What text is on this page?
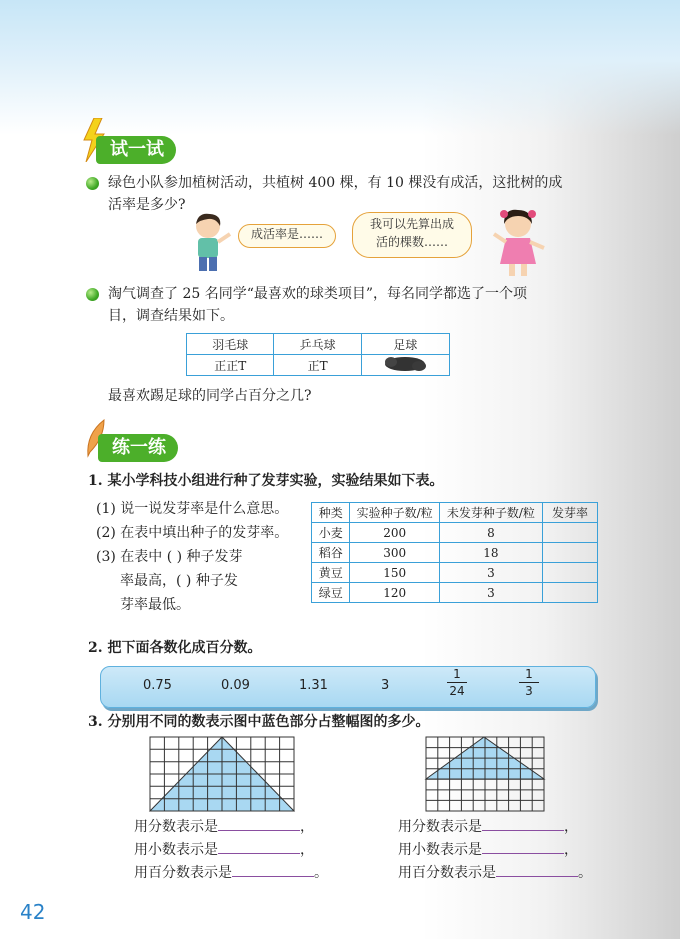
试一试
绿色小队参加植树活动，共植树 400 棵，有 10 棵没有成活，这批树的成
活率是多少?
成活率是……
我可以先算出成
活的棵数……
淘气调查了 25 名同学“最喜欢的球类项目”，每名同学都选了一个项
目，调查结果如下。
羽毛球	乒乓球	足球
正正T	正T	
最喜欢踢足球的同学占百分之几?
练一练
1. 某小学科技小组进行种了发芽实验，实验结果如下表。
(1) 说一说发芽率是什么意思。
(2) 在表中填出种子的发芽率。
(3) 在表中 ( ) 种子发芽
率最高，( ) 种子发
芽率最低。
种类	实验种子数/粒	未发芽种子数/粒	发芽率
小麦	200	8	
稻谷	300	18	
黄豆	150	3	
绿豆	120	3	
2. 把下面各数化成百分数。
0.75	0.09	1.31	3
1
24
1
3
3. 分别用不同的数表示图中蓝色部分占整幅图的多少。
用分数表示是	，
用小数表示是	，
用百分数表示是	。
用分数表示是	，
用小数表示是	，
用百分数表示是	。
42
